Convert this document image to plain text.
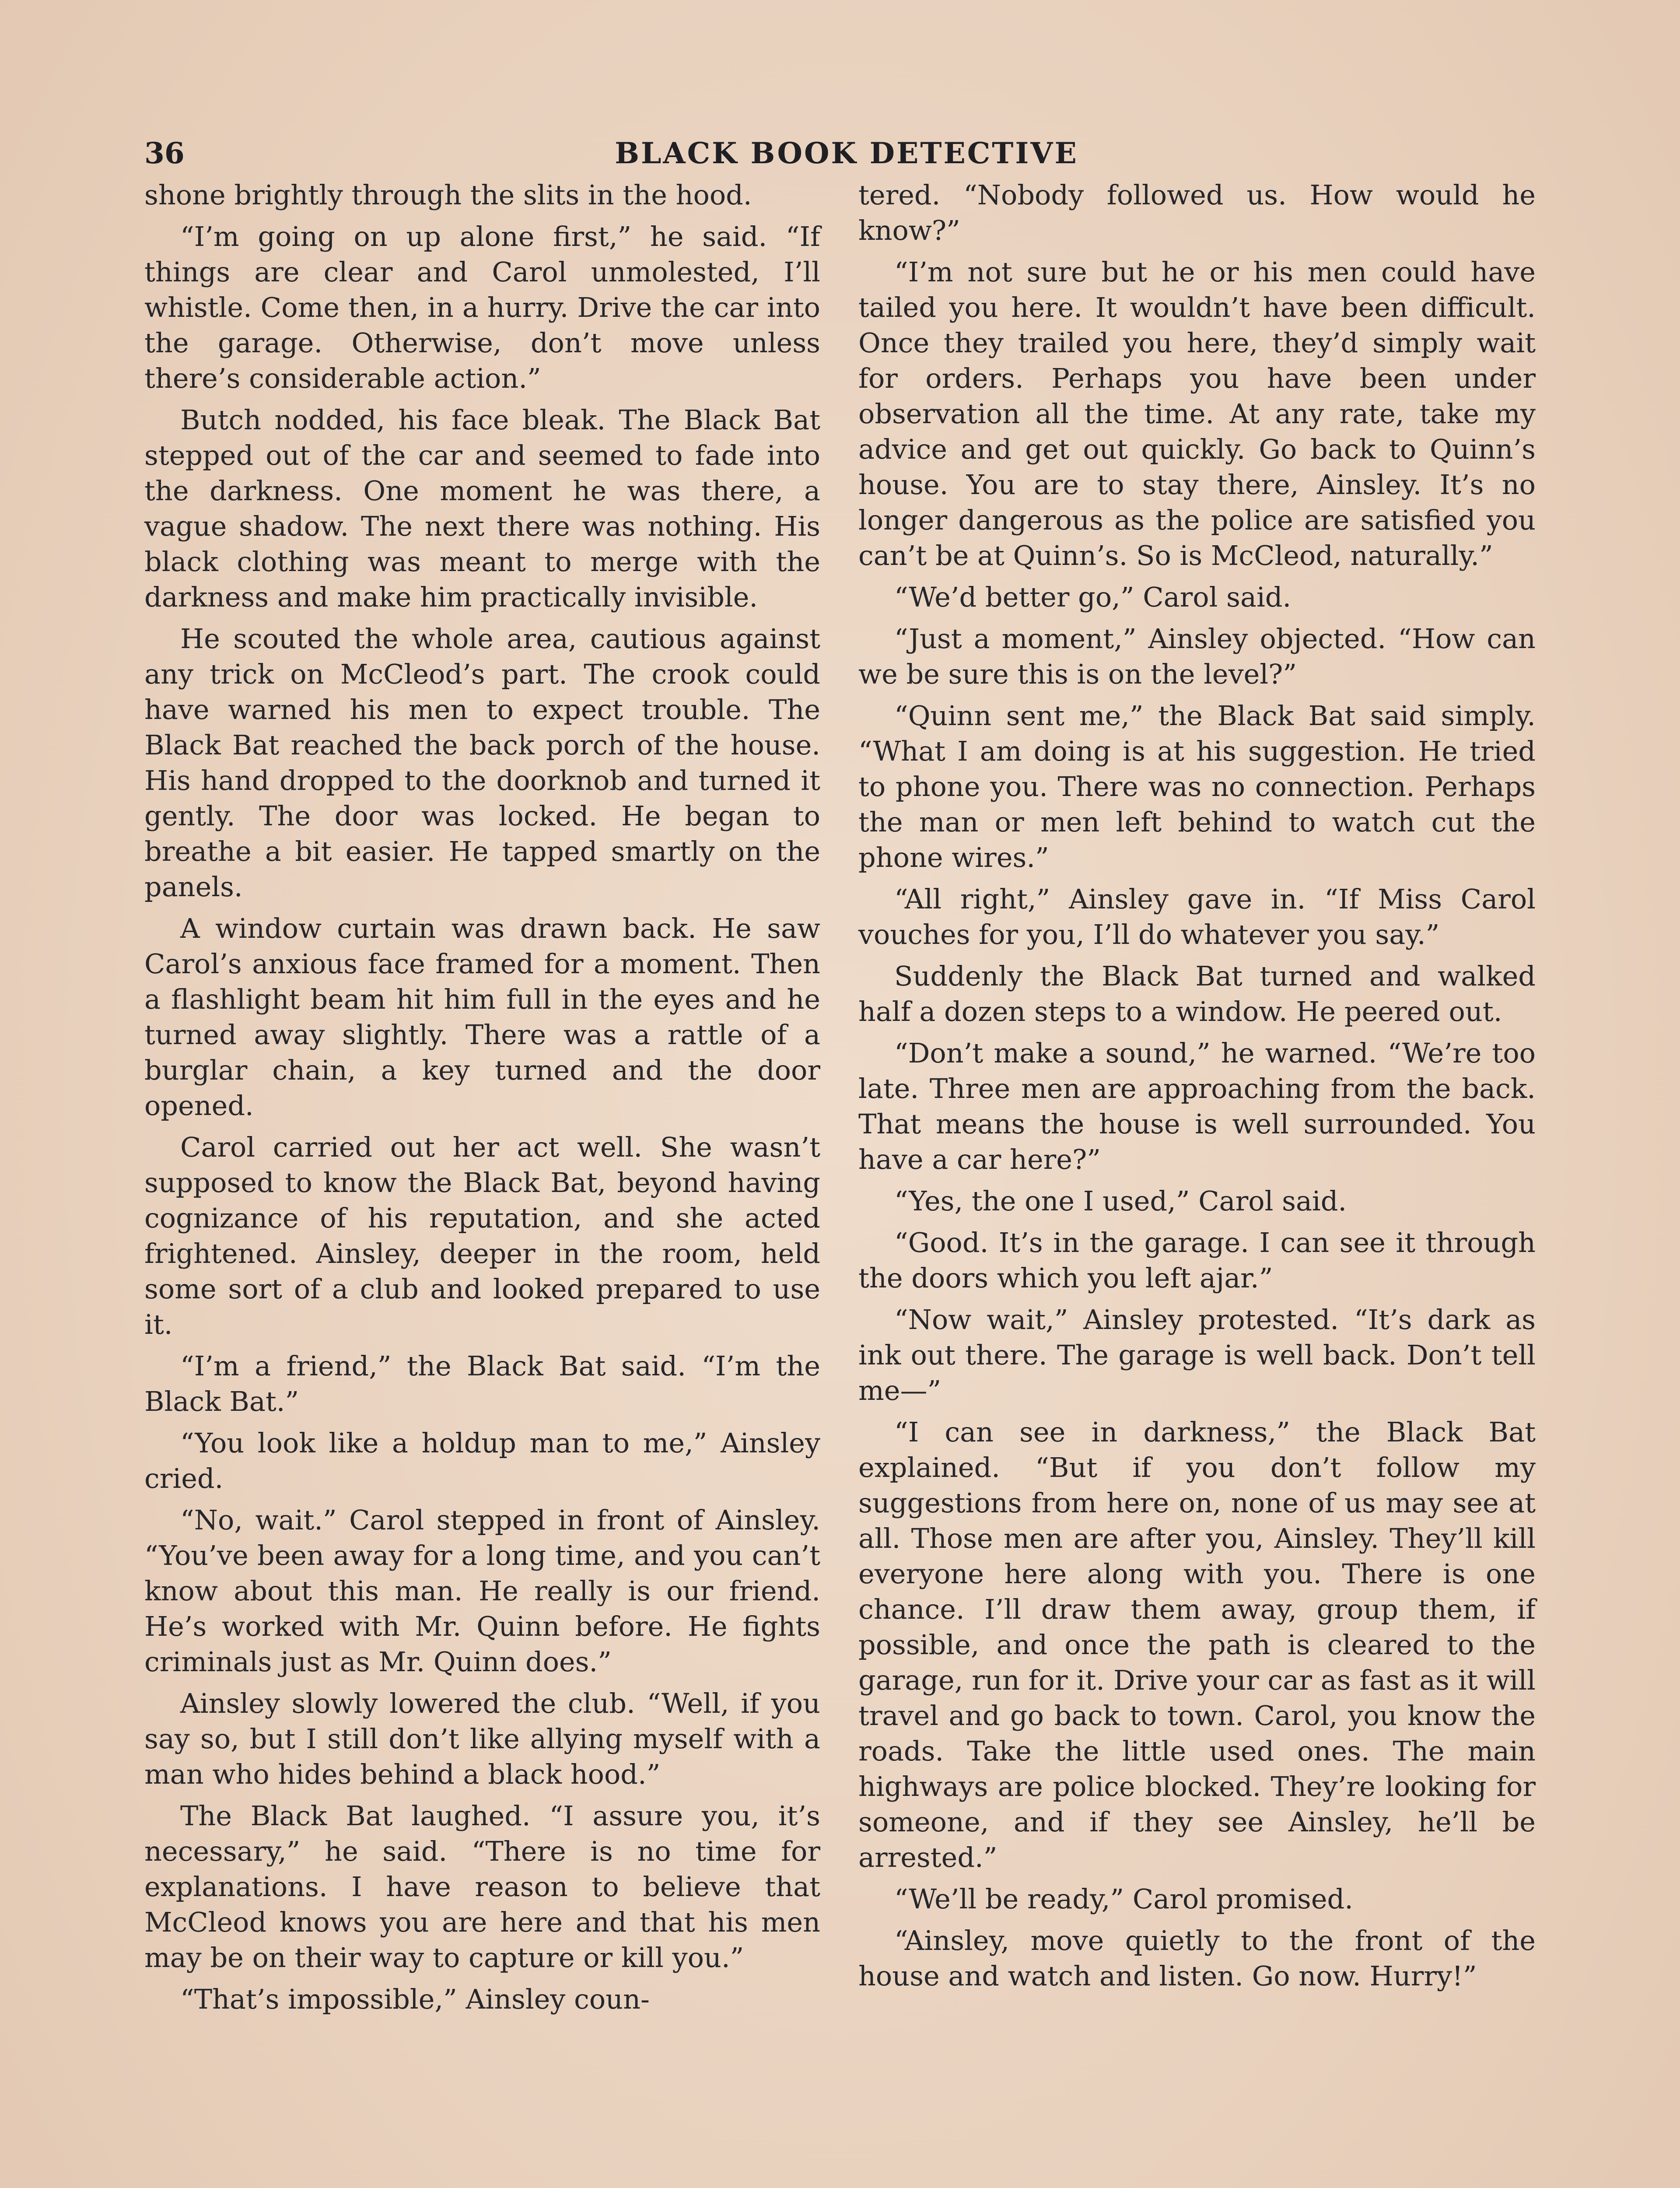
36	BLACK BOOK DETECTIVE

shone brightly through the slits in the hood.

“I’m going on up alone first,” he said. “If things are clear and Carol unmolested, I’ll whistle. Come then, in a hurry. Drive the car into the garage. Otherwise, don’t move unless there’s considerable action.”

Butch nodded, his face bleak. The Black Bat stepped out of the car and seemed to fade into the darkness. One moment he was there, a vague shadow. The next there was nothing. His black clothing was meant to merge with the darkness and make him practically invisible.

He scouted the whole area, cautious against any trick on McCleod’s part. The crook could have warned his men to expect trouble. The Black Bat reached the back porch of the house. His hand dropped to the doorknob and turned it gently. The door was locked. He began to breathe a bit easier. He tapped smartly on the panels.

A window curtain was drawn back. He saw Carol’s anxious face framed for a moment. Then a flashlight beam hit him full in the eyes and he turned away slightly. There was a rattle of a burglar chain, a key turned and the door opened.

Carol carried out her act well. She wasn’t supposed to know the Black Bat, beyond having cognizance of his reputation, and she acted frightened. Ainsley, deeper in the room, held some sort of a club and looked prepared to use it.

“I’m a friend,” the Black Bat said. “I’m the Black Bat.”

“You look like a holdup man to me,” Ainsley cried.

“No, wait.” Carol stepped in front of Ainsley. “You’ve been away for a long time, and you can’t know about this man. He really is our friend. He’s worked with Mr. Quinn before. He fights criminals just as Mr. Quinn does.”

Ainsley slowly lowered the club. “Well, if you say so, but I still don’t like allying myself with a man who hides behind a black hood.”

The Black Bat laughed. “I assure you, it’s necessary,” he said. “There is no time for explanations. I have reason to believe that McCleod knows you are here and that his men may be on their way to capture or kill you.”

“That’s impossible,” Ainsley coun-

tered. “Nobody followed us. How would he know?”

“I’m not sure but he or his men could have tailed you here. It wouldn’t have been difficult. Once they trailed you here, they’d simply wait for orders. Perhaps you have been under observation all the time. At any rate, take my advice and get out quickly. Go back to Quinn’s house. You are to stay there, Ainsley. It’s no longer dangerous as the police are satisfied you can’t be at Quinn’s. So is McCleod, naturally.”

“We’d better go,” Carol said.

“Just a moment,” Ainsley objected. “How can we be sure this is on the level?”

“Quinn sent me,” the Black Bat said simply. “What I am doing is at his suggestion. He tried to phone you. There was no connection. Perhaps the man or men left behind to watch cut the phone wires.”

“All right,” Ainsley gave in. “If Miss Carol vouches for you, I’ll do whatever you say.”

Suddenly the Black Bat turned and walked half a dozen steps to a window. He peered out.

“Don’t make a sound,” he warned. “We’re too late. Three men are approaching from the back. That means the house is well surrounded. You have a car here?”

“Yes, the one I used,” Carol said.

“Good. It’s in the garage. I can see it through the doors which you left ajar.”

“Now wait,” Ainsley protested. “It’s dark as ink out there. The garage is well back. Don’t tell me—”

“I can see in darkness,” the Black Bat explained. “But if you don’t follow my suggestions from here on, none of us may see at all. Those men are after you, Ainsley. They’ll kill everyone here along with you. There is one chance. I’ll draw them away, group them, if possible, and once the path is cleared to the garage, run for it. Drive your car as fast as it will travel and go back to town. Carol, you know the roads. Take the little used ones. The main highways are police blocked. They’re looking for someone, and if they see Ainsley, he’ll be arrested.”

“We’ll be ready,” Carol promised.

“Ainsley, move quietly to the front of the house and watch and listen. Go now. Hurry!”
